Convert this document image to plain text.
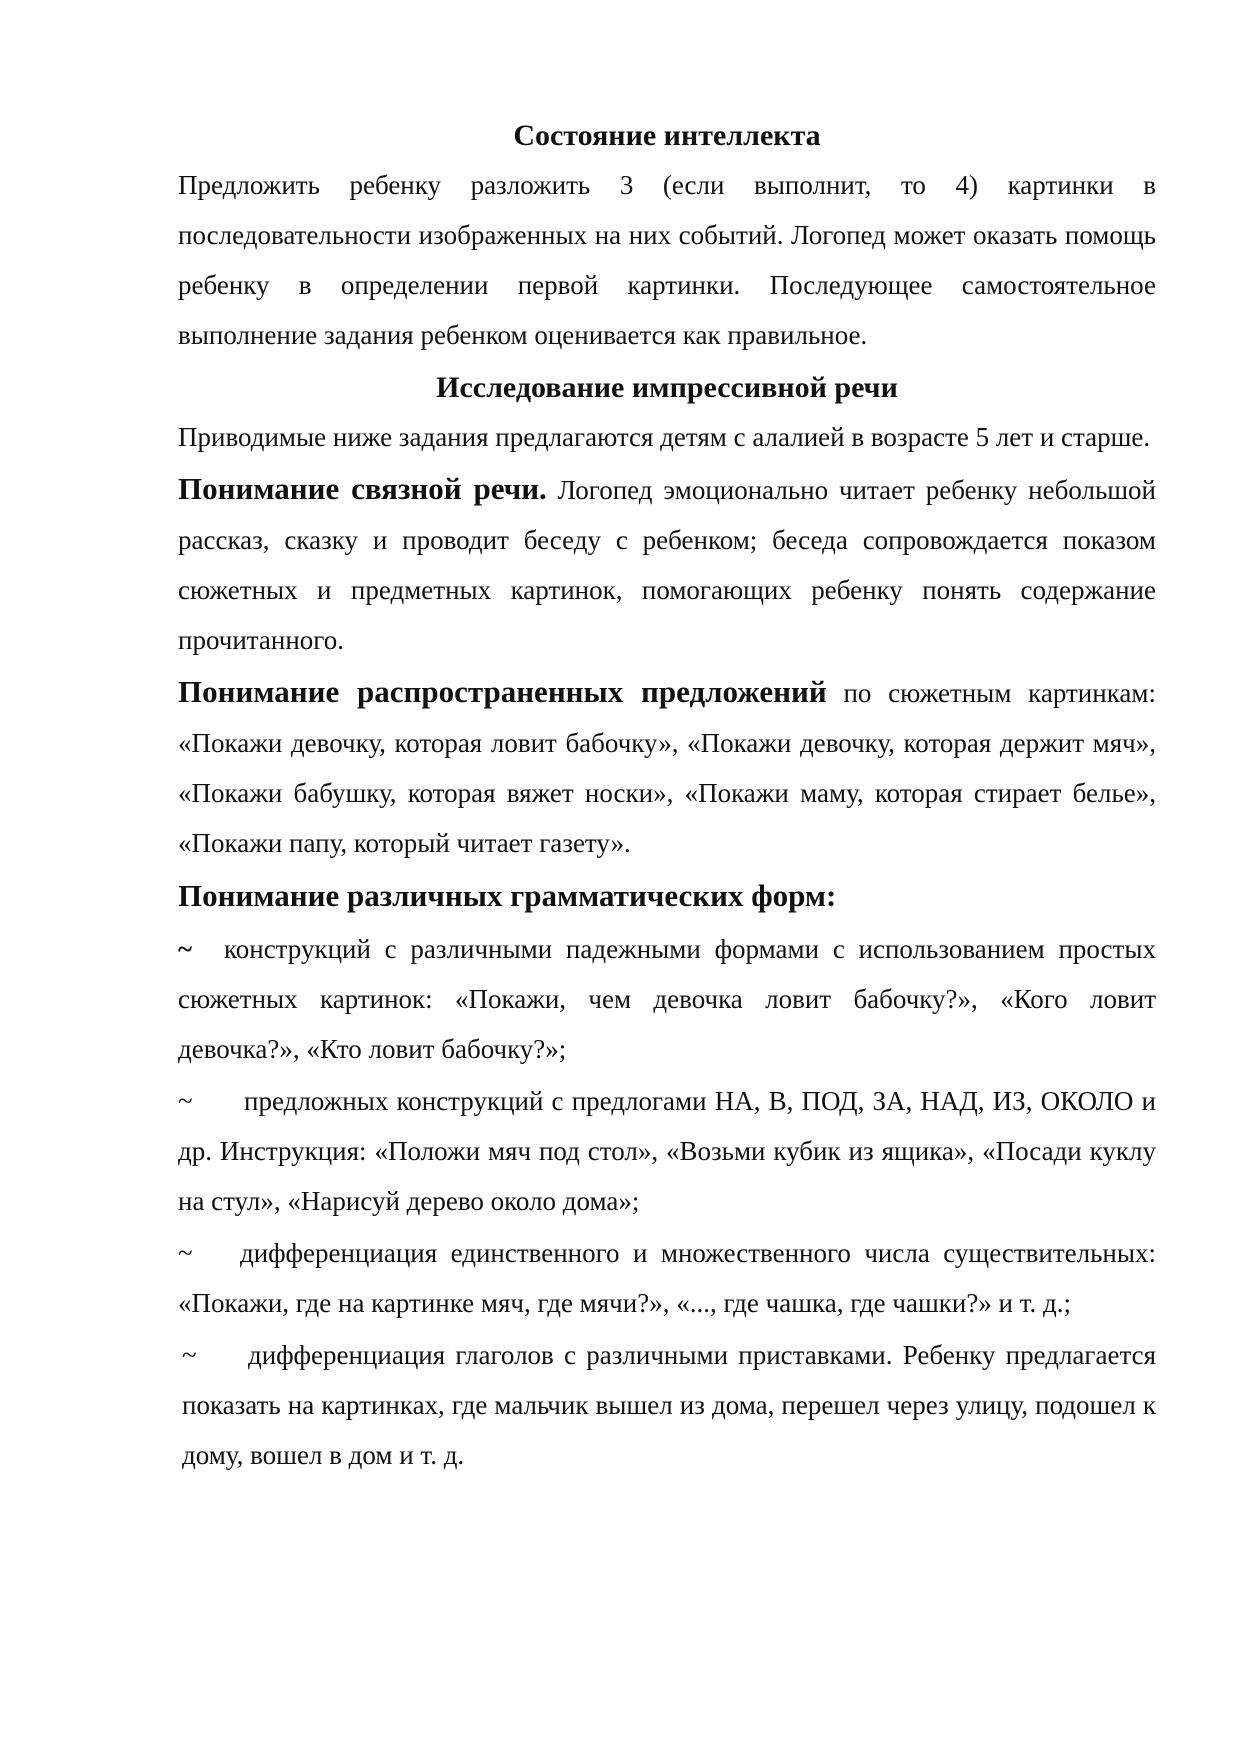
Состояние интеллекта

Предложить ребенку разложить 3 (если выполнит, то 4) картинки в последовательности изображенных на них событий. Логопед может оказать помощь ребенку в определении первой картинки. Последующее самостоятельное выполнение задания ребенком оценивается как правильное.

Исследование импрессивной речи

Приводимые ниже задания предлагаются детям с алалией в возрасте 5 лет и старше.

Понимание связной речи. Логопед эмоционально читает ребенку небольшой рассказ, сказку и проводит беседу с ребенком; беседа сопровождается показом сюжетных и предметных картинок, помогающих ребенку понять содержание прочитанного.

Понимание распространенных предложений по сюжетным картинкам: «Покажи девочку, которая ловит бабочку», «Покажи девочку, которая держит мяч», «Покажи бабушку, которая вяжет носки», «Покажи маму, которая стирает белье», «Покажи папу, который читает газету».

Понимание различных грамматических форм:

~ конструкций с различными падежными формами с использованием простых сюжетных картинок: «Покажи, чем девочка ловит бабочку?», «Кого ловит девочка?», «Кто ловит бабочку?»;

~ предложных конструкций с предлогами НА, В, ПОД, ЗА, НАД, ИЗ, ОКОЛО и др. Инструкция: «Положи мяч под стол», «Возьми кубик из ящика», «Посади куклу на стул», «Нарисуй дерево около дома»;

~ дифференциация единственного и множественного числа существительных: «Покажи, где на картинке мяч, где мячи?», «..., где чашка, где чашки?» и т. д.;

~ дифференциация глаголов с различными приставками. Ребенку предлагается показать на картинках, где мальчик вышел из дома, перешел через улицу, подошел к дому, вошел в дом и т. д.
